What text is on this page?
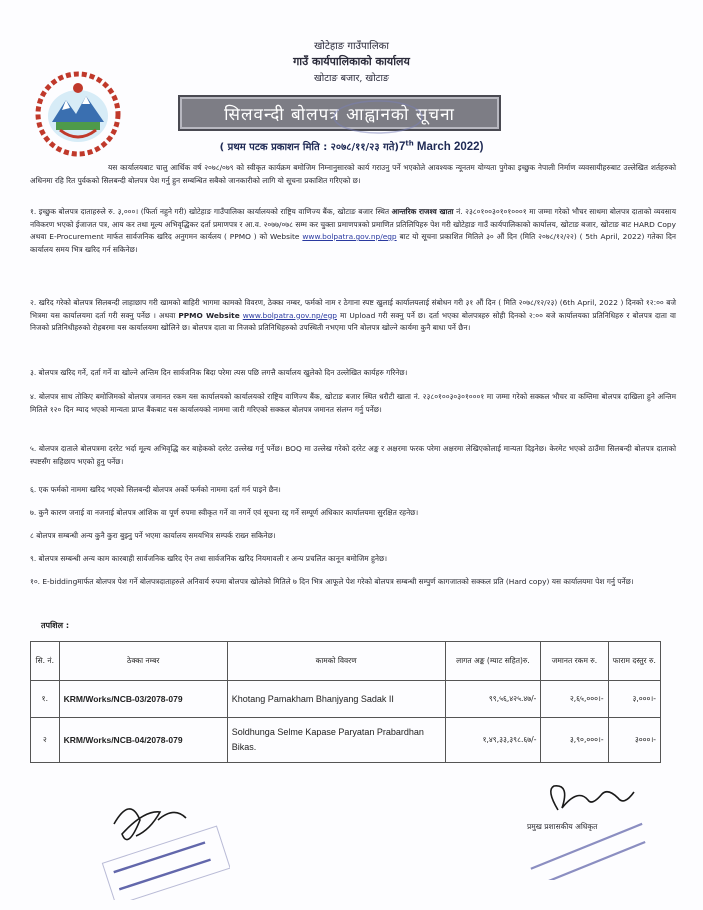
खोटेहाङ गाउँपालिका
गाउँ कार्यपालिकाको कार्यालय
खोटाङ बजार, खोटाङ
सिलवन्दी बोलपत्र आह्वानको सूचना
( प्रथम पटक प्रकाशन मिति : २०७८/११/२३ गते)7th March 2022)

यस कार्यालयबाट चालु आर्थिक वर्ष २०७८/०७९ को स्वीकृत कार्यक्रम बमोजिम निम्नानुसारको कार्य गराउनु पर्ने भएकोले आवश्यक न्यूनतम योग्यता पुगेका इच्छुक नेपाली निर्माण व्यवसायीहरुबाट उल्लेखित शर्तहरुको अधिनमा रहि रित पुर्वकको सिलबन्दी बोलपत्र पेश गर्नु हुन सम्बन्धित सबैको जानकारीको लागि यो सूचना प्रकाशित गरिएको छ।

१. इच्छुक बोलपत्र दाताहरुले रु. ३,०००। (फिर्ता नहुने गरी) खोटेहाङ गाउँपालिका कार्यालयको राष्ट्रिय वाणिज्य बैंक, खोटाङ बजार स्थित आन्तरिक राजश्व खाता नं. २३८०१००३०१०१०००१ मा जम्मा गरेको भौचर साथमा बोलपत्र दाताको व्यवसाय नविकरण भएको ईजाजत पत्र, आय कर तथा मूल्य अभिवृद्धिकर दर्ता प्रमाणपत्र र आ.व. २०७७/०७८ सम्म कर चुक्ता प्रमाणपत्रको प्रमाणित प्रतिलिपिहरु पेश गरी खोटेहाङ गाउँ कार्यपालिकाको कार्यालय, खोटाङ बजार, खोटाङ बाट HARD Copy अथवा E-Procurement मार्फत सार्वजनिक खरिद अनुगमन कार्यलय ( PPMO ) को Website www.bolpatra.gov.np/egp बाट यो सूचना प्रकाशित मितिले ३० औं दिन (मिति २०७८/१२/२२) ( 5th April, 2022) गतेका दिन कार्यालय समय भित्र खरिद गर्न सकिनेछ।

२. खरिद गरेको बोलपत्र सिलबन्दी लाहाछाप गरी खामको बाहिरी भागमा कामको विवरण, ठेक्का नम्बर, फर्मको नाम र ठेगाना स्पष्ट खुलाई कार्यालयलाई संबोधन गरी ३१ औं दिन ( मिति २०७८/१२/२३) (6th April, 2022 ) दिनको १२:०० बजे भित्रमा यस कार्यालयमा दर्ता गरी सक्नु पर्नेछ । अथवा PPMO Website www.bolpatra.gov.np/egp मा Upload गरी सक्नु पर्ने छ। दर्ता भएका बोलपत्रहरु सोही दिनको २:०० बजे कार्यालयका प्रतिनिधिहरु र बोलपत्र दाता वा निजको प्रतिनिधीहरुको रोहबरमा यस कार्यालयमा खोलिने छ। बोलपत्र दाता वा निजको प्रतिनिधिहरुको उपस्थिती नभएमा पनि बोलपत्र खोल्ने कार्यमा कुनै बाधा पर्ने छैन।

३. बोलपत्र खरिद गर्ने, दर्ता गर्ने वा खोल्ने अन्तिम दिन सार्वजनिक बिदा परेमा त्यस पछि लगत्तै कार्यालय खुलेको दिन उल्लेखित कार्यहरु गरिनेछ।

४. बोलपत्र साथ तोकिए बमोजिमको बोलपत्र जमानत रकम यस कार्यालयको कार्यालयको राष्ट्रिय वाणिज्य बैंक, खोटाङ बजार स्थित धरौटी खाता नं. २३८०१००३०३०१०००१ मा जम्मा गरेको सक्कल भौचर वा कम्तिमा बोलपत्र दाखिला हुने अन्तिम मितिले १२० दिन म्याद भएको मान्यता प्राप्त बैंकबाट यस कार्यालयको नाममा जारी गरिएको सक्कल बोलपत्र जमानत संलग्न गर्नु पर्नेछ।

५. बोलपत्र दाताले बोलपत्रमा दररेट भर्दा मूल्य अभिवृद्धि कर बाहेकको दररेट उल्लेख गर्नु पर्नेछ। BOQ मा उल्लेख गरेको दररेट अङ्क र अक्षरमा फरक परेमा अक्षरमा लेखिएकोलाई मान्यता दिइनेछ। केरमेट भएको ठाउँमा सिलबन्दी बोलपत्र दाताको स्पष्टसँग सहिछाप भएको हुनु पर्नेछ।

६. एक फर्मको नाममा खरिद भएको सिलबन्दी बोलपत्र अर्को फर्मको नाममा दर्ता गर्न पाइने छैन।

७. कुनै कारण जनाई वा नजनाई बोलपत्र आंशिक वा पूर्ण रुपमा स्वीकृत गर्ने वा नगर्ने एवं सूचना रद्द गर्ने सम्पूर्ण अधिकार कार्यालयमा सुरक्षित रहनेछ।

८ बोलपत्र सम्बन्धी अन्य कुनै कुरा बुझ्नु पर्ने भएमा कार्यालय समयभित्र सम्पर्क राख्न सकिनेछ।

९. बोलपत्र सम्बन्धी अन्य काम कारबाही सार्वजनिक खरिद ऐन तथा सार्वजनिक खरिद नियमावली र अन्य प्रचलित कानून बमोजिम हुनेछ।

१०. E-biddingमार्फत बोलपत्र पेश गर्ने बोलपत्रदाताहरुले अनिवार्य रुपमा बोलपत्र खोलेको मितिले ७ दिन भित्र आफूले पेश गरेको बोलपत्र सम्बन्धी सम्पुर्ण कागजातको सक्कल प्रति (Hard copy) यस कार्यालयमा पेश गर्नु पर्नेछ।

तपशिल :
सि. नं.	ठेक्का नम्बर	कामको विवरण	लागत अङ्क (म्याट सहित)रु.	जमानत रकम रु.	फाराम दस्तुर रु.
१.	KRM/Works/NCB-03/2078-079	Khotang Pamakham Bhanjyang Sadak II	९९,५६,४२५.४७/-	२,६५,०००।-	३,०००।-
२	KRM/Works/NCB-04/2078-079	Soldhunga Selme Kapase Paryatan Prabardhan Bikas.	१,४९,३३,३९८.६७/-	३,९०,०००।-	३०००।-
प्रमुख प्रशासकीय अधिकृत
